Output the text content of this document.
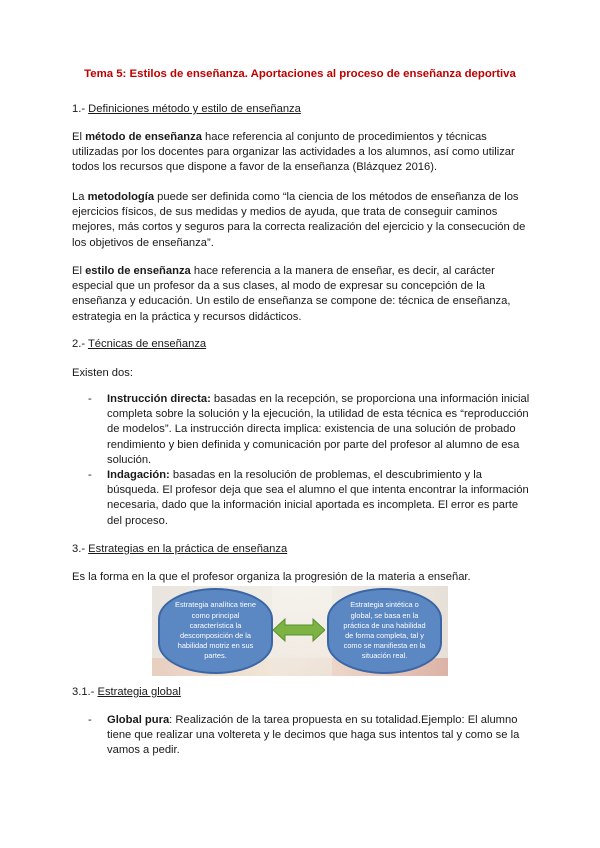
Tema 5: Estilos de enseñanza. Aportaciones al proceso de enseñanza deportiva
1.- Definiciones método y estilo de enseñanza
El método de enseñanza hace referencia al conjunto de procedimientos y técnicas utilizadas por los docentes para organizar las actividades a los alumnos, así como utilizar todos los recursos que dispone a favor de la enseñanza (Blázquez 2016).
La metodología puede ser definida como “la ciencia de los métodos de enseñanza de los ejercicios físicos, de sus medidas y medios de ayuda, que trata de conseguir caminos mejores, más cortos y seguros para la correcta realización del ejercicio y la consecución de los objetivos de enseñanza”.
El estilo de enseñanza hace referencia a la manera de enseñar, es decir, al carácter especial que un profesor da a sus clases, al modo de expresar su concepción de la enseñanza y educación. Un estilo de enseñanza se compone de: técnica de enseñanza, estrategia en la práctica y recursos didácticos.
2.- Técnicas de enseñanza
Existen dos:
-	Instrucción directa: basadas en la recepción, se proporciona una información inicial completa sobre la solución y la ejecución, la utilidad de esta técnica es “reproducción de modelos”. La instrucción directa implica: existencia de una solución de probado rendimiento y bien definida y comunicación por parte del profesor al alumno de esa solución.
-	Indagación: basadas en la resolución de problemas, el descubrimiento y la búsqueda. El profesor deja que sea el alumno el que intenta encontrar la información necesaria, dado que la información inicial aportada es incompleta. El error es parte del proceso.
3.- Estrategias en la práctica de enseñanza
Es la forma en la que el profesor organiza la progresión de la materia a enseñar.
Estrategia analítica tiene como principal característica la descomposición de la habilidad motriz en sus partes.
Estrategia sintética o global, se basa en la práctica de una habilidad de forma completa, tal y como se manifiesta en la situación real.
3.1.- Estrategia global
-	Global pura: Realización de la tarea propuesta en su totalidad.Ejemplo: El alumno tiene que realizar una voltereta y le decimos que haga sus intentos tal y como se la vamos a pedir.
